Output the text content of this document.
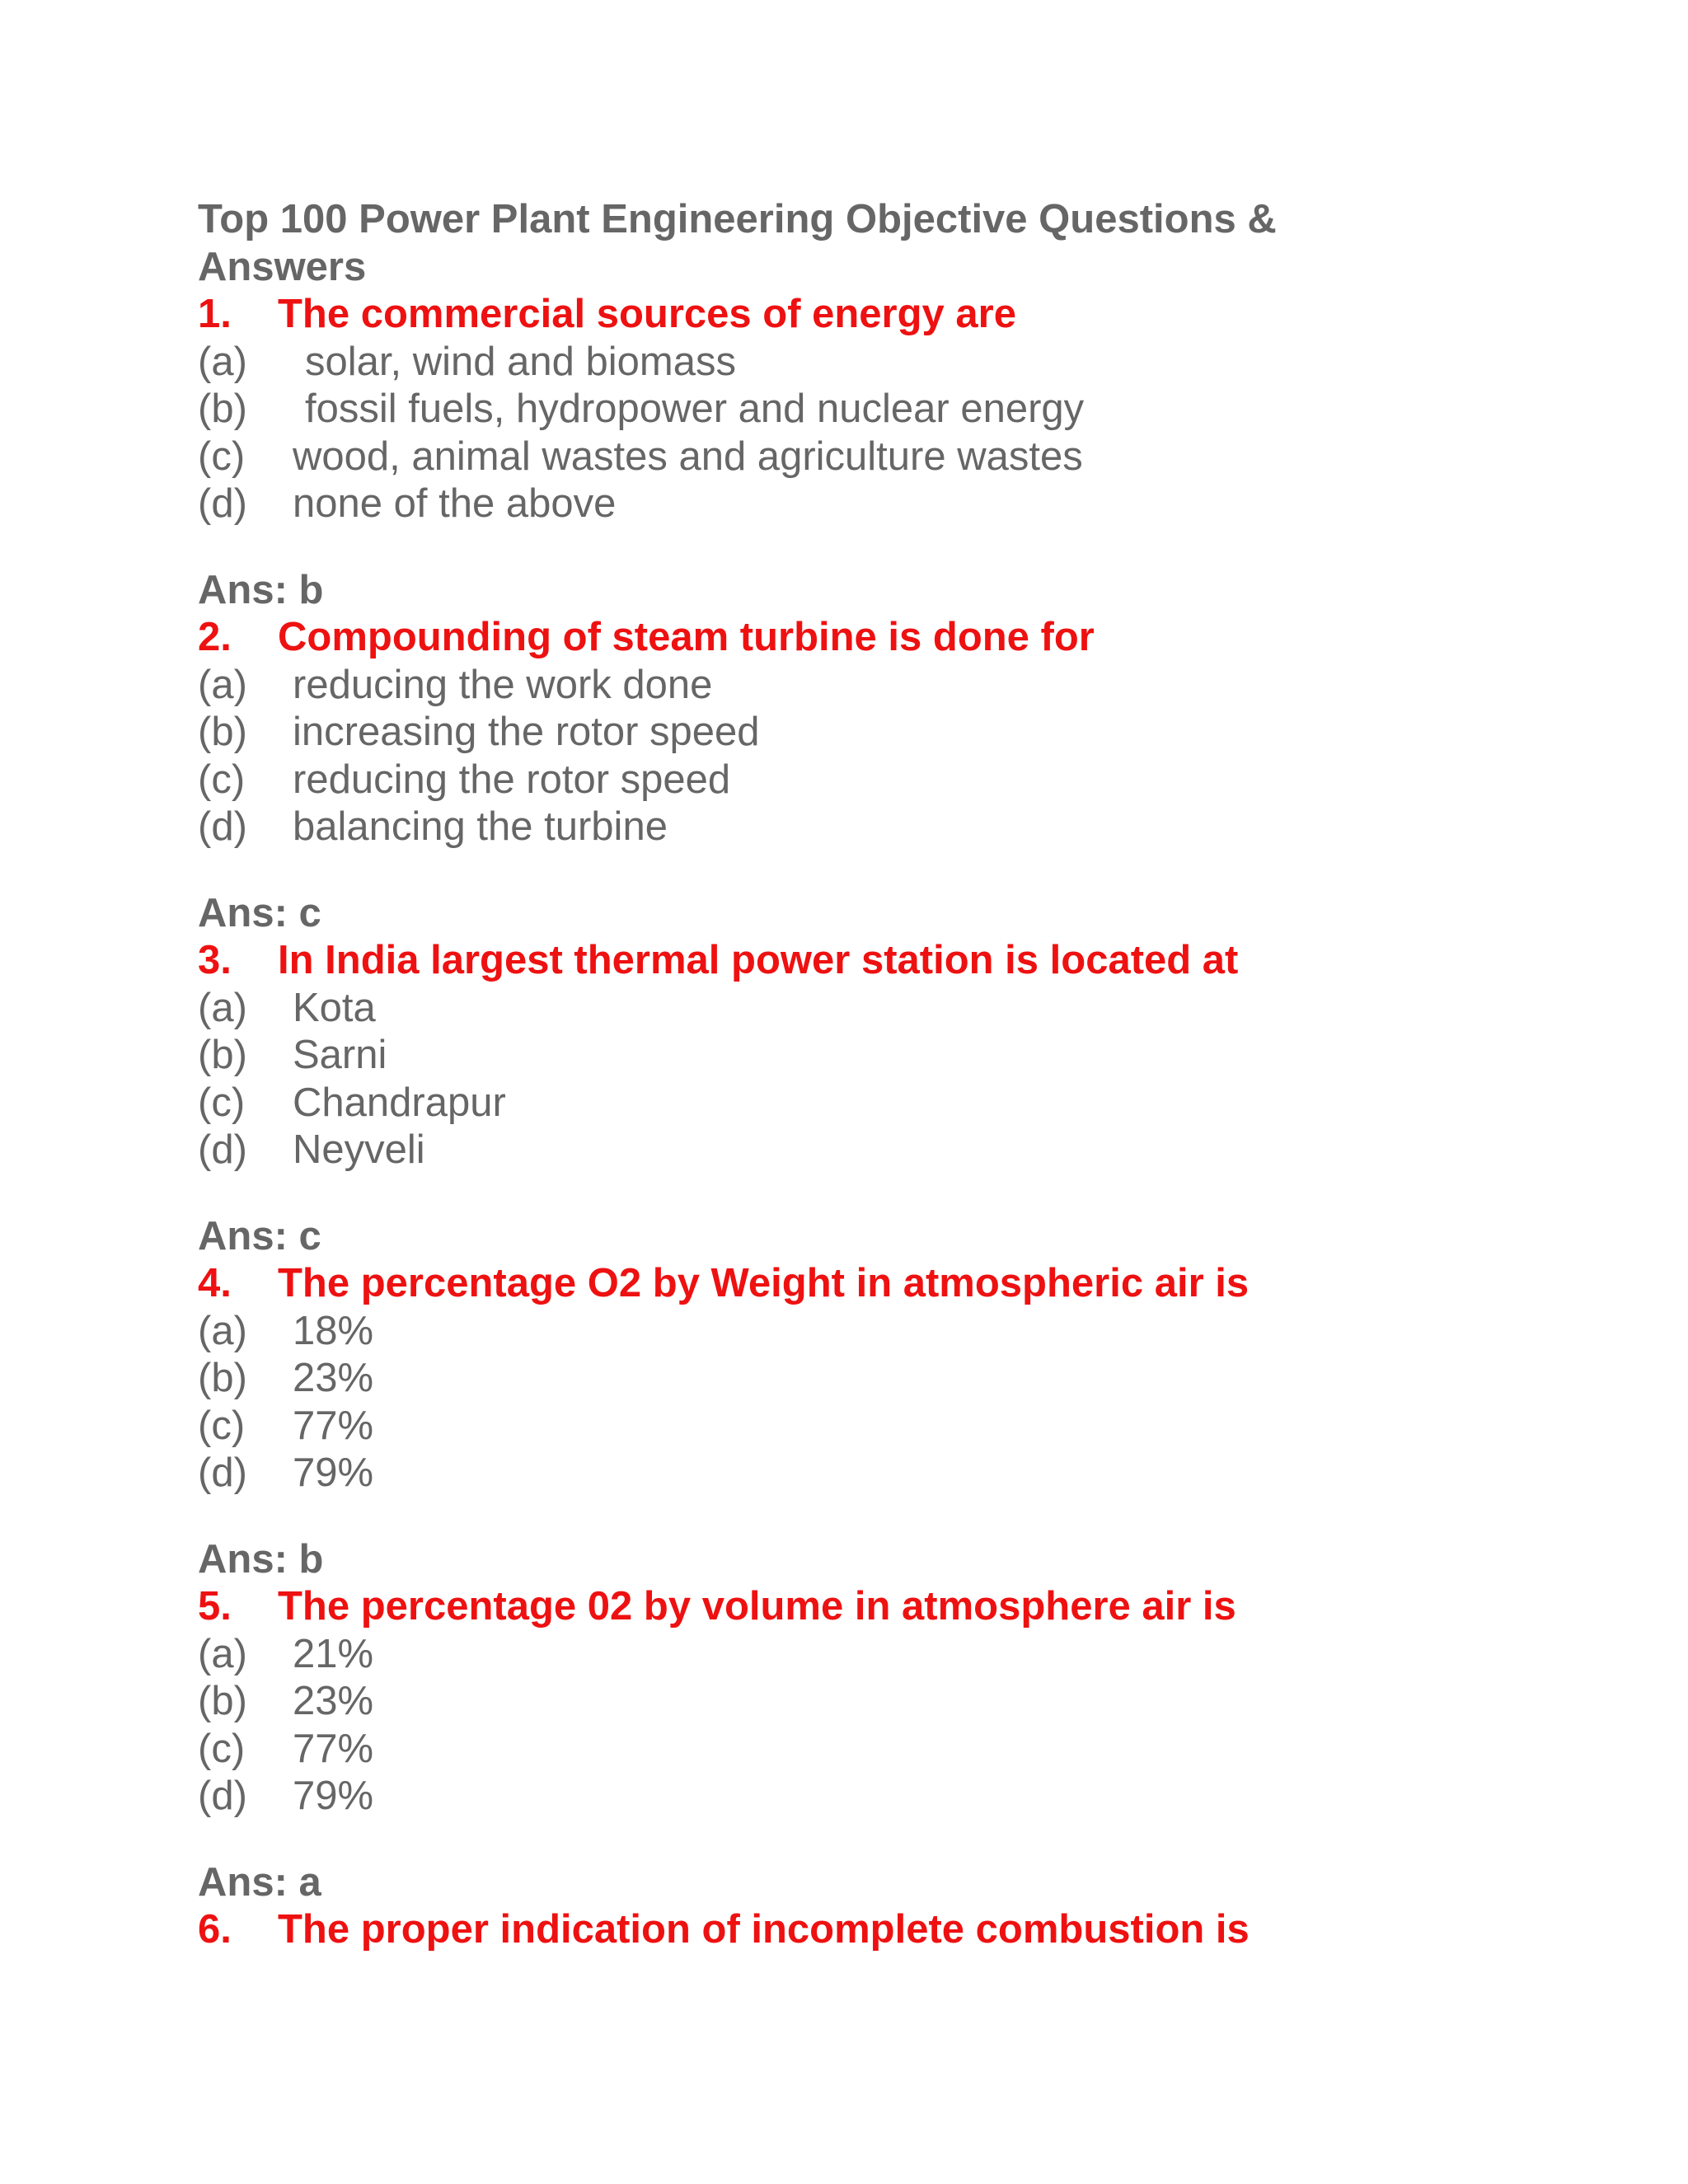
Top 100 Power Plant Engineering Objective Questions & Answers
1.	The commercial sources of energy are
(a)	solar, wind and biomass
(b)	fossil fuels, hydropower and nuclear energy
(c)	wood, animal wastes and agriculture wastes
(d)	none of the above
Ans: b
2.	Compounding of steam turbine is done for
(a)	reducing the work done
(b)	increasing the rotor speed
(c)	reducing the rotor speed
(d)	balancing the turbine
Ans: c
3.	In India largest thermal power station is located at
(a)	Kota
(b)	Sarni
(c)	Chandrapur
(d)	Neyveli
Ans: c
4.	The percentage O2 by Weight in atmospheric air is
(a)	18%
(b)	23%
(c)	77%
(d)	79%
Ans: b
5.	The percentage 02 by volume in atmosphere air is
(a)	21%
(b)	23%
(c)	77%
(d)	79%
Ans: a
6.	The proper indication of incomplete combustion is
